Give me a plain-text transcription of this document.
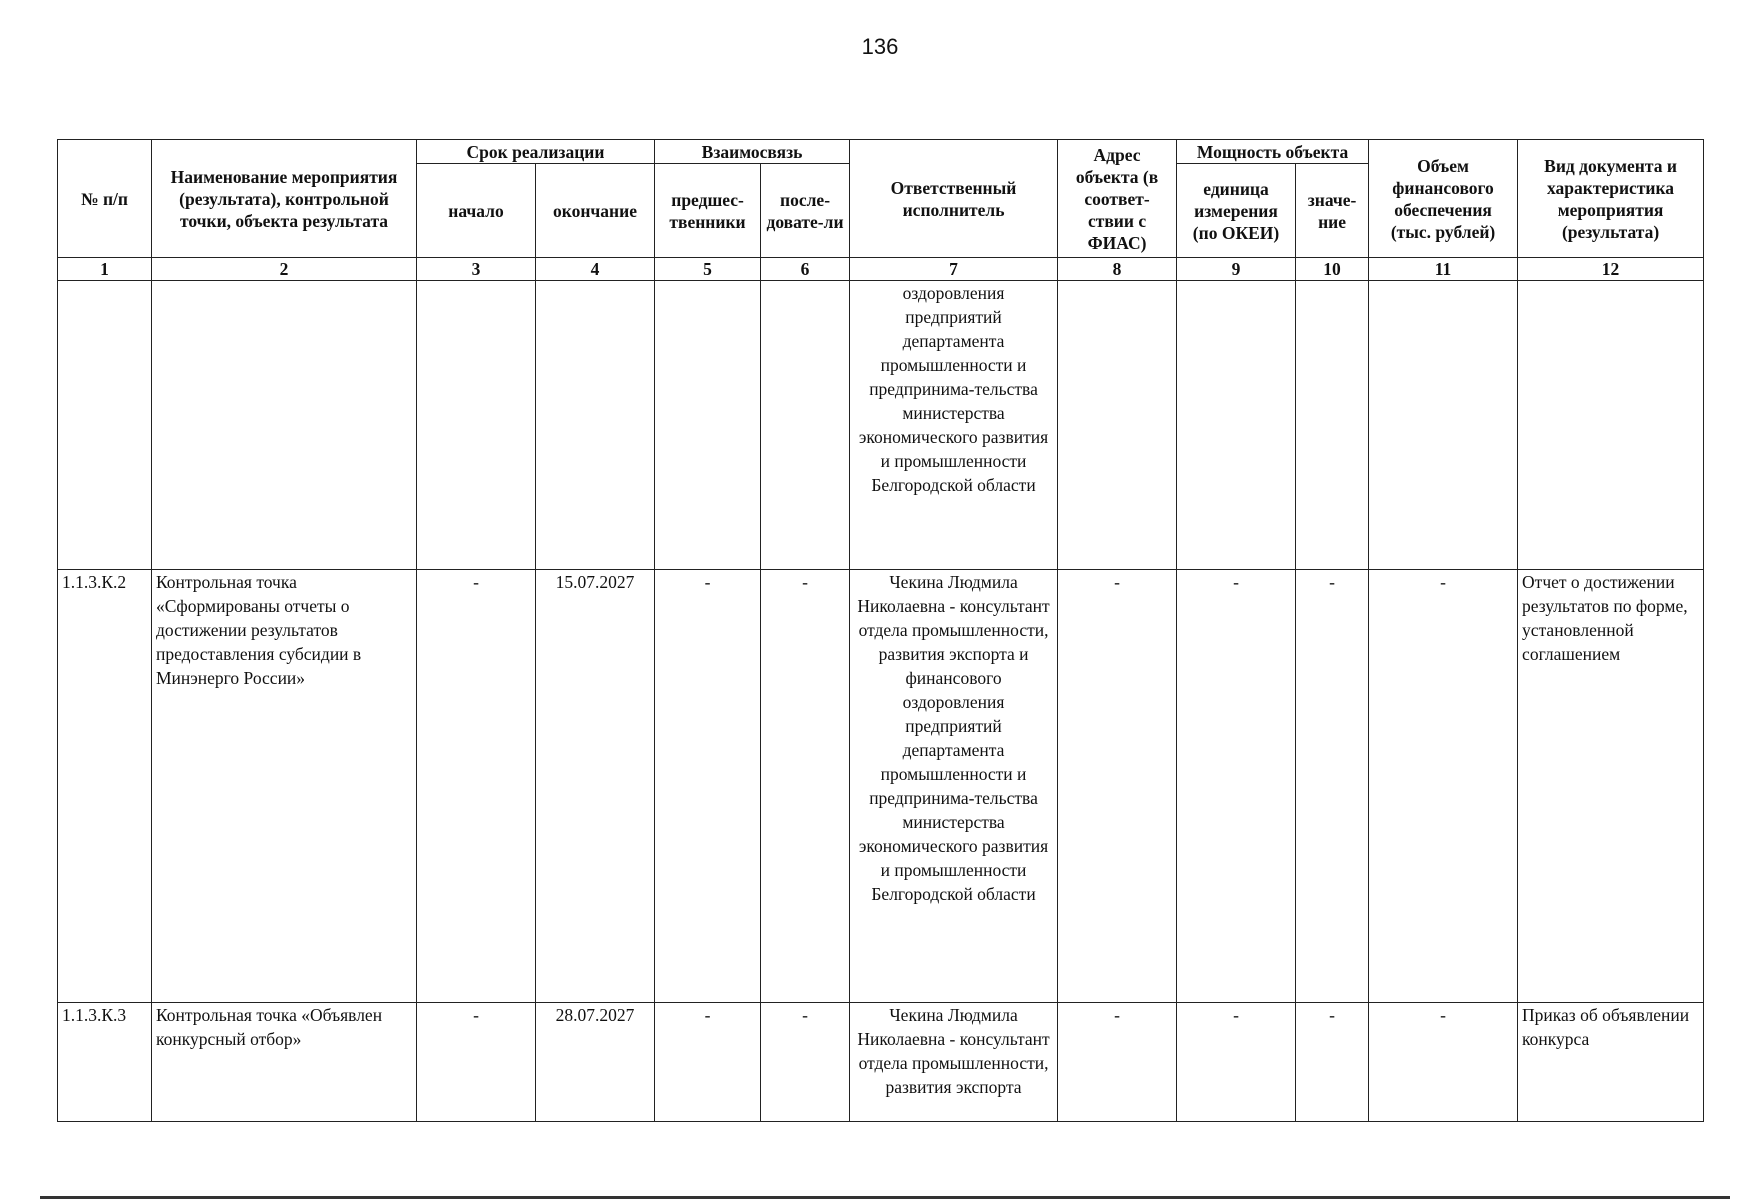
136
№ п/п	Наименование мероприятия (результата), контрольной точки, объекта результата	Срок реализации		Взаимосвязь		Ответственный исполнитель	Адрес объекта (в соответ-ствии с ФИАС)	Мощность объекта		Объем финансового обеспечения (тыс. рублей)	Вид документа и характеристика мероприятия (результата)
		начало	окончание	предшес-твенники	после-довате-ли			единица измерения (по ОКЕИ)	значе-ние		
1	2	3	4	5	6	7	8	9	10	11	12
						оздоровления предприятий департамента промышленности и предпринима-тельства министерства экономического развития и промышленности Белгородской области					
1.1.3.К.2	Контрольная точка «Сформированы отчеты о достижении результатов предоставления субсидии в Минэнерго России»	-	15.07.2027	-	-	Чекина Людмила Николаевна - консультант отдела промышленности, развития экспорта и финансового оздоровления предприятий департамента промышленности и предпринима-тельства министерства экономического развития и промышленности Белгородской области	-	-	-	-	Отчет о достижении результатов по форме, установленной соглашением
1.1.3.К.3	Контрольная точка «Объявлен конкурсный отбор»	-	28.07.2027	-	-	Чекина Людмила Николаевна - консультант отдела промышленности, развития экспорта	-	-	-	-	Приказ об объявлении конкурса
